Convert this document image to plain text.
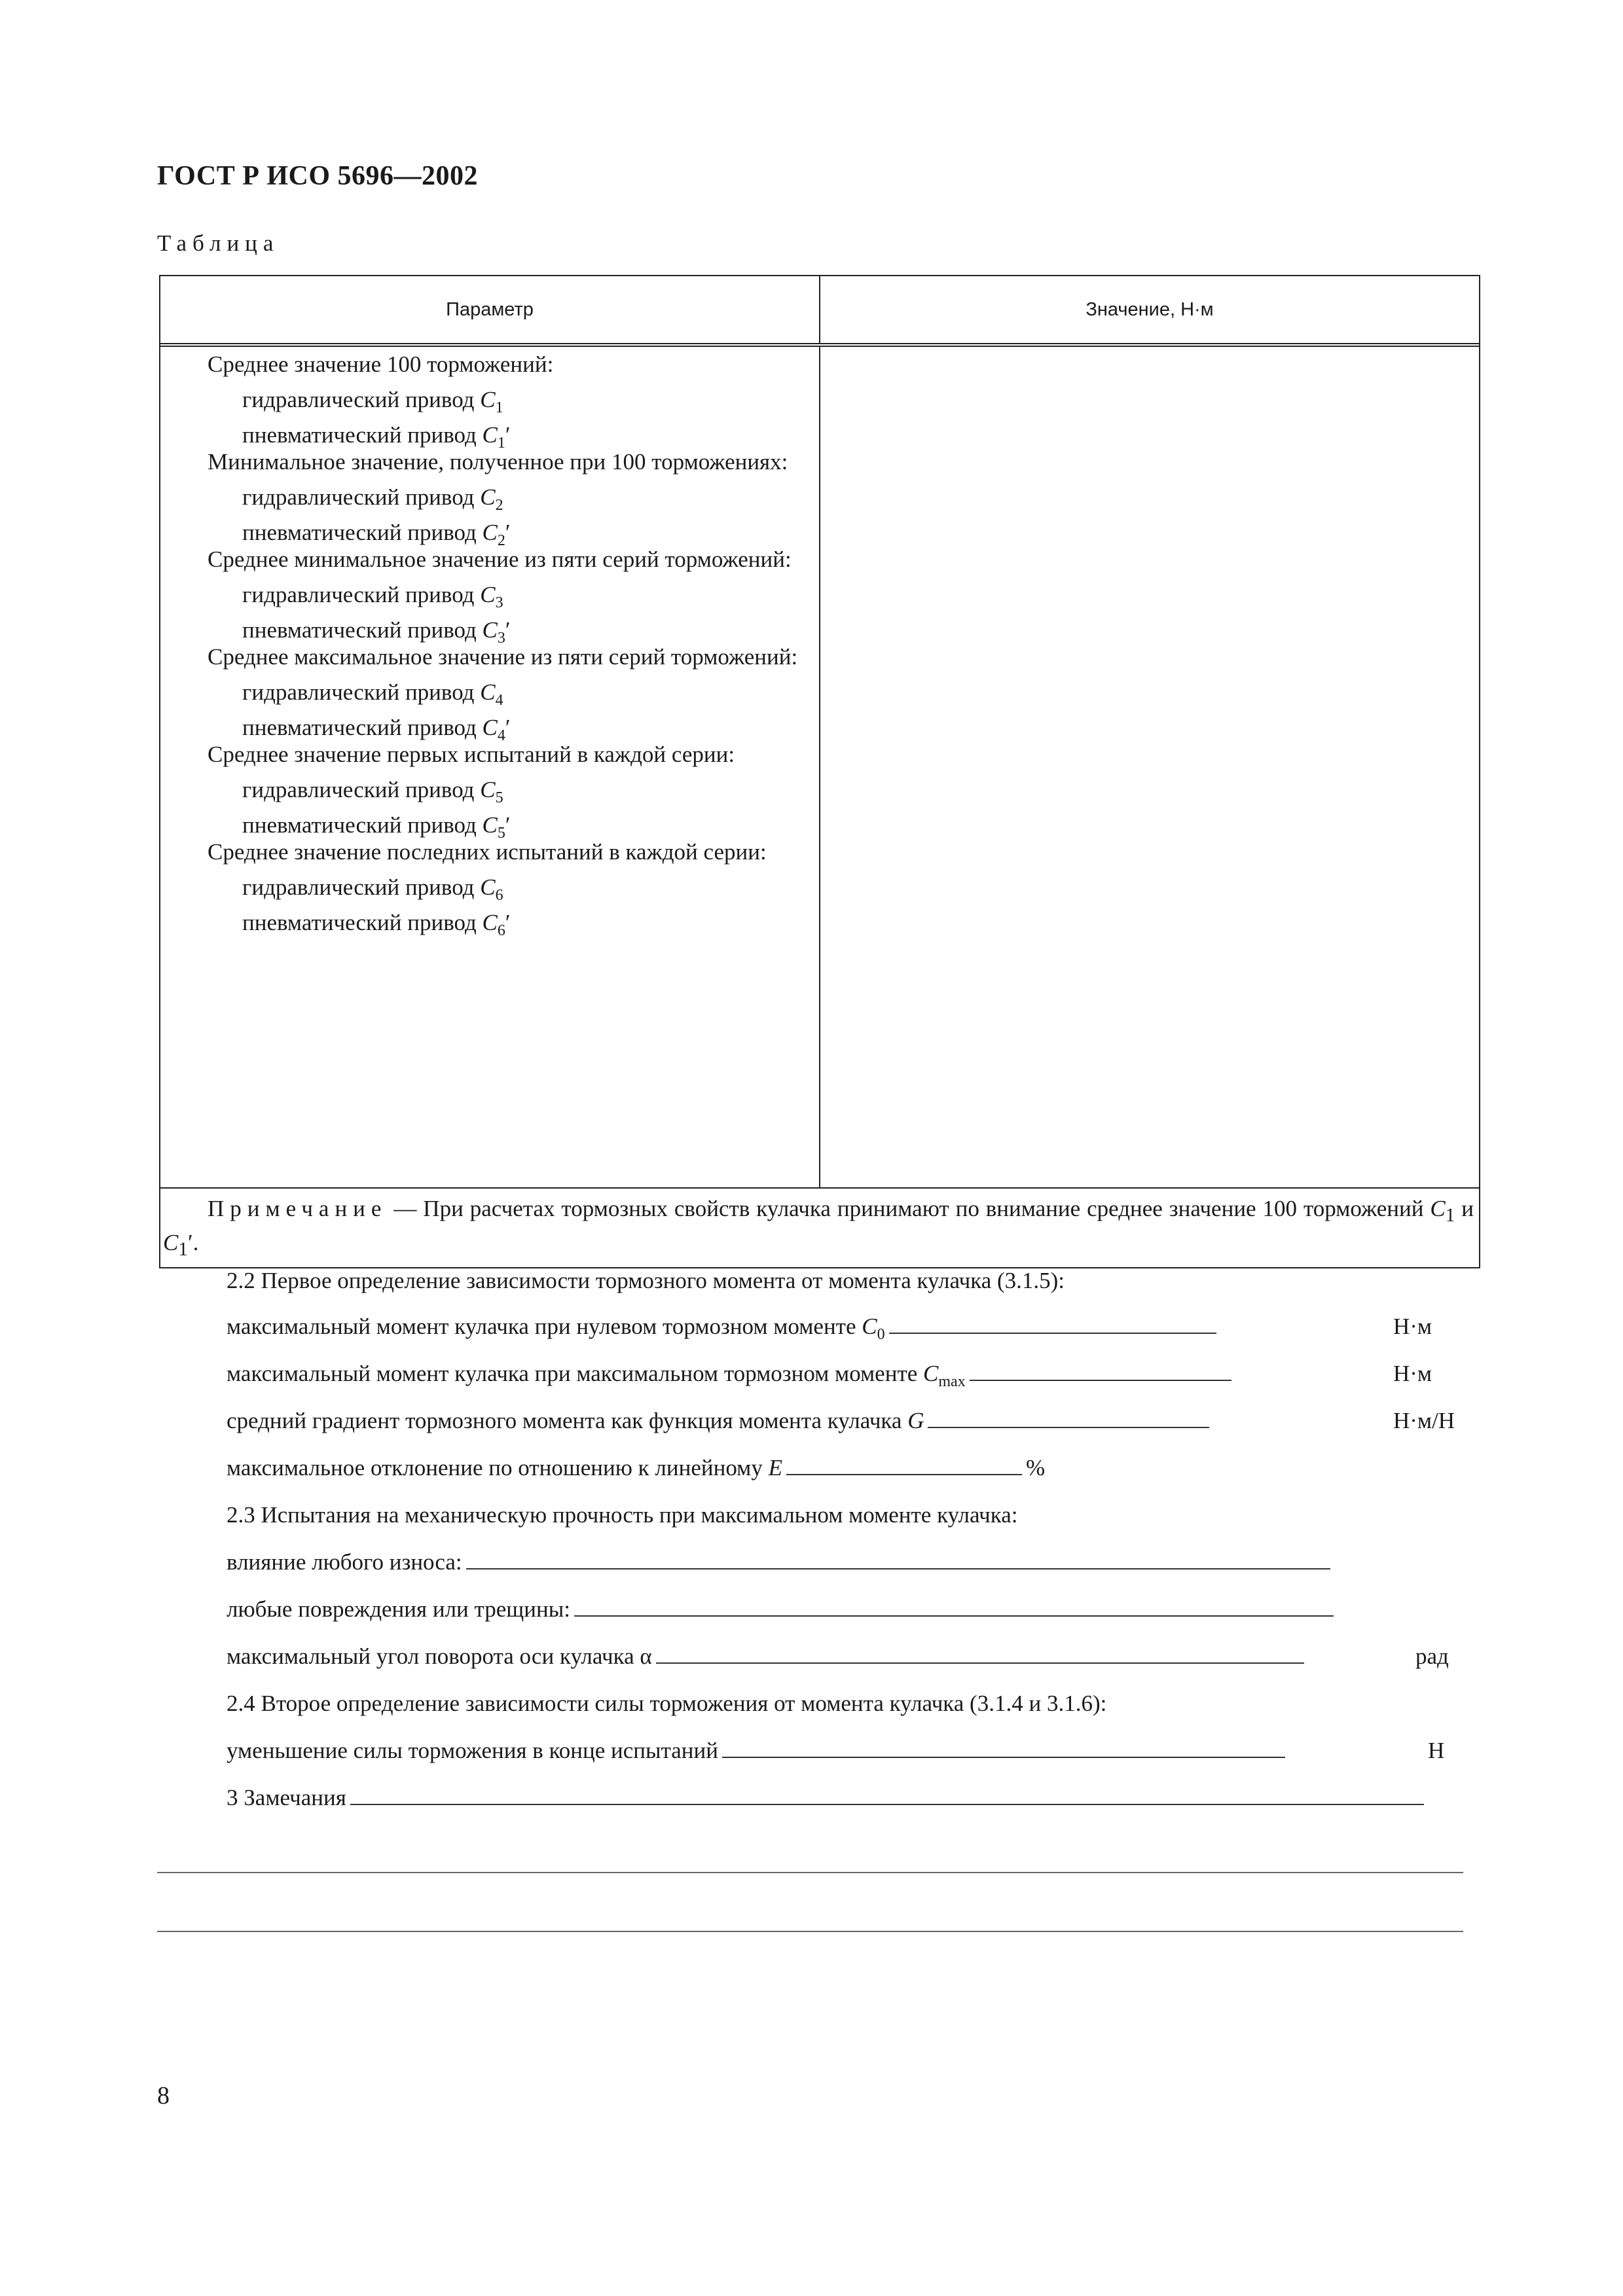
ГОСТ Р ИСО 5696—2002
Таблица
Параметр	Значение, Н·м
Среднее значение 100 торможений:
гидравлический привод $C_1$
пневматический привод $C_1'$
Минимальное значение, полученное при 100 торможениях:
гидравлический привод $C_2$
пневматический привод $C_2'$
Среднее минимальное значение из пяти серий торможений:
гидравлический привод $C_3$
пневматический привод $C_3'$
Среднее максимальное значение из пяти серий торможений:
гидравлический привод $C_4$
пневматический привод $C_4'$
Среднее значение первых испытаний в каждой серии:
гидравлический привод $C_5$
пневматический привод $C_5'$
Среднее значение последних испытаний в каждой серии:
гидравлический привод $C_6$
пневматический привод $C_6'$
Примечание — При расчетах тормозных свойств кулачка принимают по внимание среднее значение 100 торможений $C_1$ и $C_1'$.
2.2 Первое определение зависимости тормозного момента от момента кулачка (3.1.5):
максимальный момент кулачка при нулевом тормозном моменте $C_0$	Н·м
максимальный момент кулачка при максимальном тормозном моменте $C_{max}$	Н·м
средний градиент тормозного момента как функция момента кулачка G	Н·м/Н
максимальное отклонение по отношению к линейному E	%
2.3 Испытания на механическую прочность при максимальном моменте кулачка:
влияние любого износа:
любые повреждения или трещины:
максимальный угол поворота оси кулачка α	рад
2.4 Второе определение зависимости силы торможения от момента кулачка (3.1.4 и 3.1.6):
уменьшение силы торможения в конце испытаний	Н
3 Замечания
8
